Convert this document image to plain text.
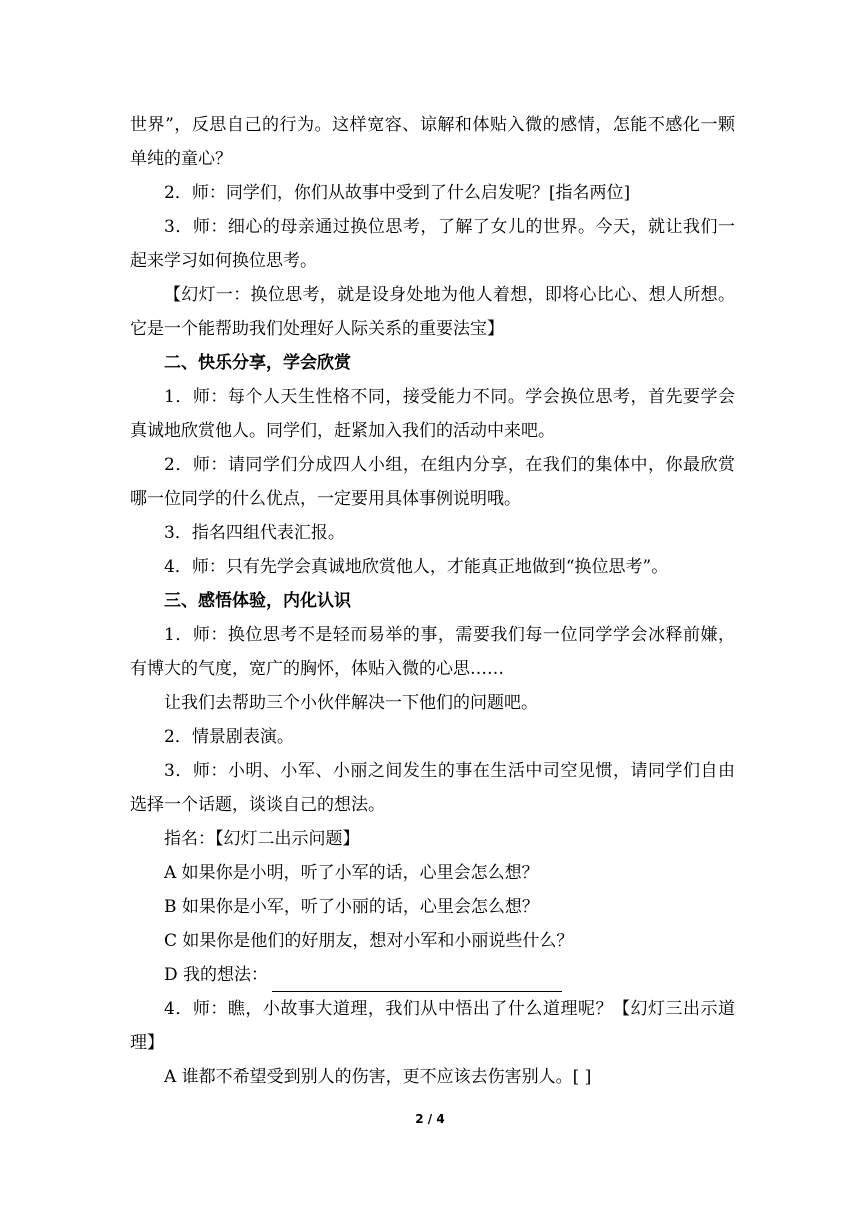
世界”，反思自己的行为。这样宽容、谅解和体贴入微的感情，怎能不感化一颗
单纯的童心？
2．师：同学们，你们从故事中受到了什么启发呢？[指名两位]
3．师：细心的母亲通过换位思考，了解了女儿的世界。今天，就让我们一
起来学习如何换位思考。
【幻灯一：换位思考，就是设身处地为他人着想，即将心比心、想人所想。
它是一个能帮助我们处理好人际关系的重要法宝】
二、快乐分享，学会欣赏
1．师：每个人天生性格不同，接受能力不同。学会换位思考，首先要学会
真诚地欣赏他人。同学们，赶紧加入我们的活动中来吧。
2．师：请同学们分成四人小组，在组内分享，在我们的集体中，你最欣赏
哪一位同学的什么优点，一定要用具体事例说明哦。
3．指名四组代表汇报。
4．师：只有先学会真诚地欣赏他人，才能真正地做到“换位思考”。
三、感悟体验，内化认识
1．师：换位思考不是轻而易举的事，需要我们每一位同学学会冰释前嫌，
有博大的气度，宽广的胸怀，体贴入微的心思……
让我们去帮助三个小伙伴解决一下他们的问题吧。
2．情景剧表演。
3．师：小明、小军、小丽之间发生的事在生活中司空见惯，请同学们自由
选择一个话题，谈谈自己的想法。
指名：【幻灯二出示问题】
A 如果你是小明，听了小军的话，心里会怎么想？
B 如果你是小军，听了小丽的话，心里会怎么想？
C 如果你是他们的好朋友，想对小军和小丽说些什么？
D 我的想法：
4．师：瞧，小故事大道理，我们从中悟出了什么道理呢？【幻灯三出示道
理】
A 谁都不希望受到别人的伤害，更不应该去伤害别人。[ ]
2 / 4
